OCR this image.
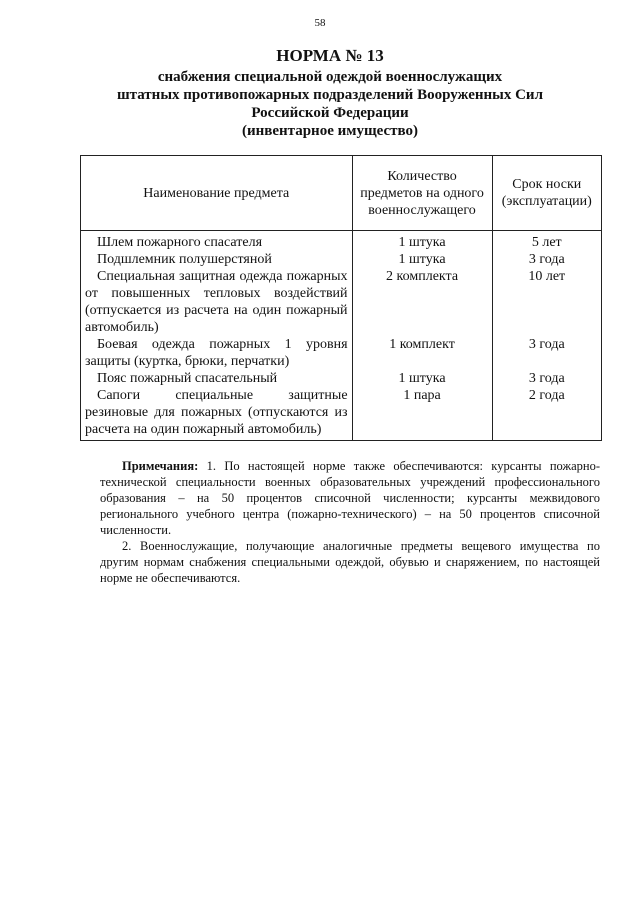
58
НОРМА № 13
снабжения специальной одеждой военнослужащих
штатных противопожарных подразделений Вооруженных Сил
Российской Федерации
(инвентарное имущество)
Наименование предмета	Количество предметов на одного военнослужащего	Срок носки (эксплуатации)
Шлем пожарного спасателя	1 штука	5 лет
Подшлемник полушерстяной	1 штука	3 года
Специальная защитная одежда пожарных от повышенных тепловых воздействий (отпускается из расчета на один пожарный автомобиль)	2 комплекта	10 лет
Боевая одежда пожарных 1 уровня защиты (куртка, брюки, перчатки)	1 комплект	3 года
Пояс пожарный спасательный	1 штука	3 года
Сапоги специальные защитные резиновые для пожарных (отпускаются из расчета на один пожарный автомобиль)	1 пара	2 года

Примечания: 1. По настоящей норме также обеспечиваются: курсанты пожарно-технической специальности военных образовательных учреждений профессионального образования – на 50 процентов списочной численности; курсанты межвидового регионального учебного центра (пожарно-технического) – на 50 процентов списочной численности.

2. Военнослужащие, получающие аналогичные предметы вещевого имущества по другим нормам снабжения специальными одеждой, обувью и снаряжением, по настоящей норме не обеспечиваются.
